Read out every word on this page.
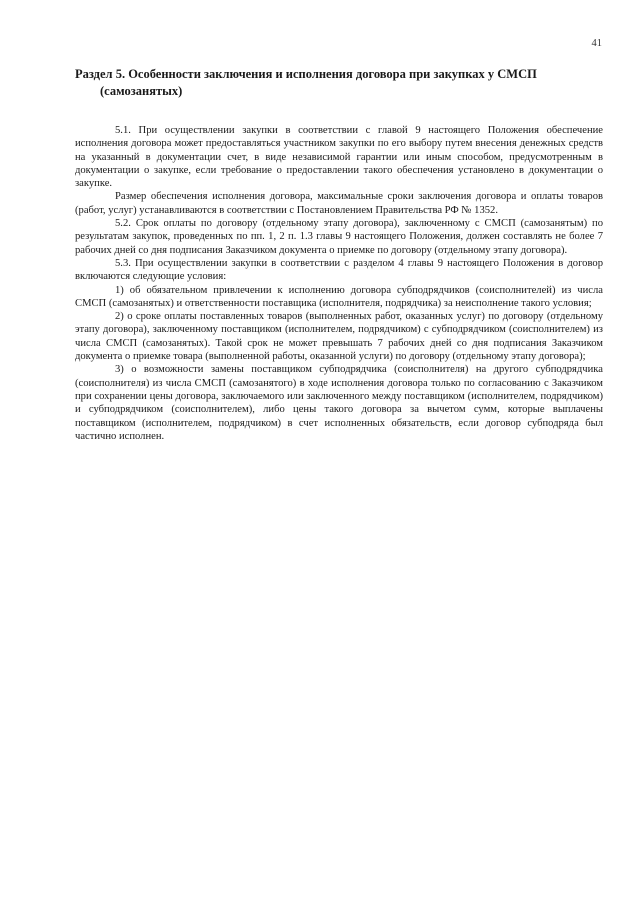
41
Раздел 5. Особенности заключения и исполнения договора при закупках у СМСП
(самозанятых)

5.1. При осуществлении закупки в соответствии с главой 9 настоящего Положения обеспечение исполнения договора может предоставляться участником закупки по его выбору путем внесения денежных средств на указанный в документации счет, в виде независимой гарантии или иным способом, предусмотренным в документации о закупке, если требование о предоставлении такого обеспечения установлено в документации о закупке.

Размер обеспечения исполнения договора, максимальные сроки заключения договора и оплаты товаров (работ, услуг) устанавливаются в соответствии с Постановлением Правительства РФ № 1352.

5.2. Срок оплаты по договору (отдельному этапу договора), заключенному с СМСП (самозанятым) по результатам закупок, проведенных по пп. 1, 2 п. 1.3 главы 9 настоящего Положения, должен составлять не более 7 рабочих дней со дня подписания Заказчиком документа о приемке по договору (отдельному этапу договора).

5.3. При осуществлении закупки в соответствии с разделом 4 главы 9 настоящего Положения в договор включаются следующие условия:

1) об обязательном привлечении к исполнению договора субподрядчиков (соисполнителей) из числа СМСП (самозанятых) и ответственности поставщика (исполнителя, подрядчика) за неисполнение такого условия;

2) о сроке оплаты поставленных товаров (выполненных работ, оказанных услуг) по договору (отдельному этапу договора), заключенному поставщиком (исполнителем, подрядчиком) с субподрядчиком (соисполнителем) из числа СМСП (самозанятых). Такой срок не может превышать 7 рабочих дней со дня подписания Заказчиком документа о приемке товара (выполненной работы, оказанной услуги) по договору (отдельному этапу договора);

3) о возможности замены поставщиком субподрядчика (соисполнителя) на другого субподрядчика (соисполнителя) из числа СМСП (самозанятого) в ходе исполнения договора только по согласованию с Заказчиком при сохранении цены договора, заключаемого или заключенного между поставщиком (исполнителем, подрядчиком) и субподрядчиком (соисполнителем), либо цены такого договора за вычетом сумм, которые выплачены поставщиком (исполнителем, подрядчиком) в счет исполненных обязательств, если договор субподряда был частично исполнен.
